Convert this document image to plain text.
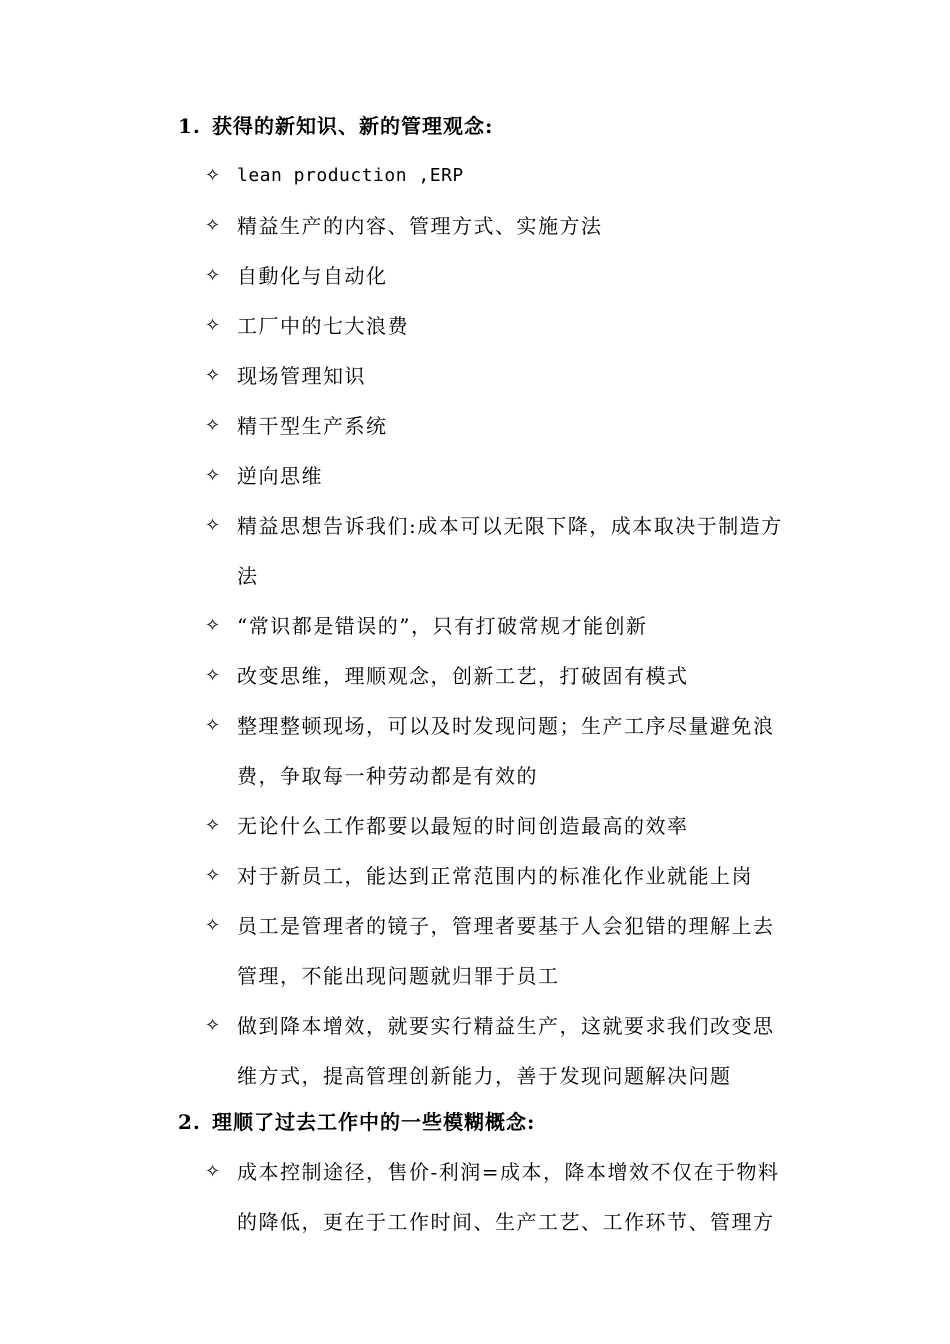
1. 获得的新知识、新的管理观念:
✧ lean production ,ERP
✧ 精益生产的内容、管理方式、实施方法
✧ 自動化与自动化
✧ 工厂中的七大浪费
✧ 现场管理知识
✧ 精干型生产系统
✧ 逆向思维
✧ 精益思想告诉我们:成本可以无限下降，成本取决于制造方
法
✧ “常识都是错误的”，只有打破常规才能创新
✧ 改变思维，理顺观念，创新工艺，打破固有模式
✧ 整理整顿现场，可以及时发现问题；生产工序尽量避免浪
费，争取每一种劳动都是有效的
✧ 无论什么工作都要以最短的时间创造最高的效率
✧ 对于新员工，能达到正常范围内的标准化作业就能上岗
✧ 员工是管理者的镜子，管理者要基于人会犯错的理解上去
管理，不能出现问题就归罪于员工
✧ 做到降本增效，就要实行精益生产，这就要求我们改变思
维方式，提高管理创新能力，善于发现问题解决问题
2. 理顺了过去工作中的一些模糊概念:
✧ 成本控制途径，售价-利润=成本，降本增效不仅在于物料
的降低，更在于工作时间、生产工艺、工作环节、管理方
